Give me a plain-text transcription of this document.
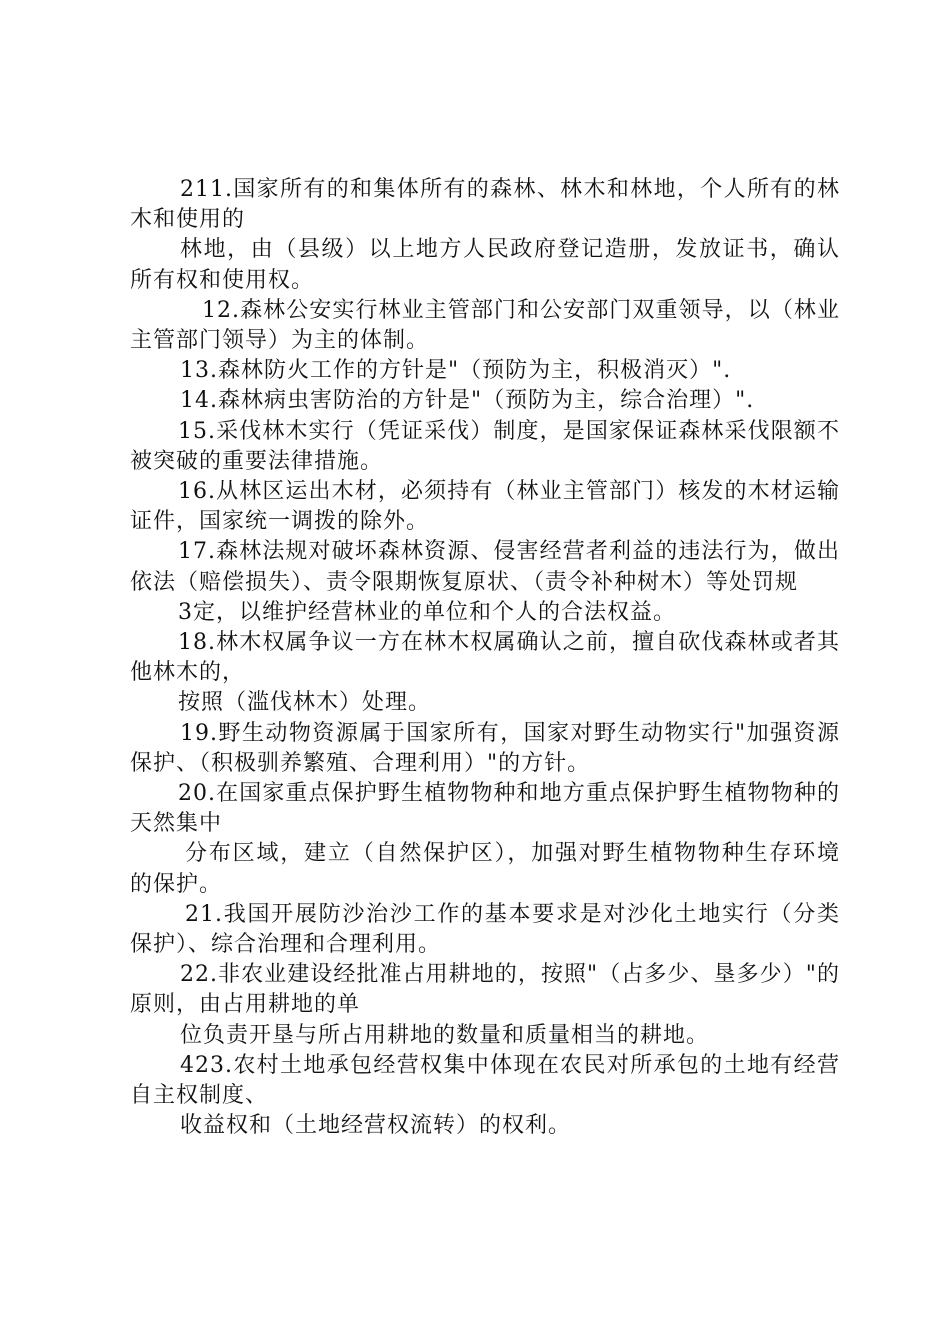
211.国家所有的和集体所有的森林、林木和林地，个人所有的林木和使用的

林地，由（县级）以上地方人民政府登记造册，发放证书，确认所有权和使用权。

12.森林公安实行林业主管部门和公安部门双重领导，以（林业主管部门领导）为主的体制。

13.森林防火工作的方针是"（预防为主，积极消灭）".

14.森林病虫害防治的方针是"（预防为主，综合治理）".

15.采伐林木实行（凭证采伐）制度，是国家保证森林采伐限额不被突破的重要法律措施。

16.从林区运出木材，必须持有（林业主管部门）核发的木材运输证件，国家统一调拨的除外。

17.森林法规对破坏森林资源、侵害经营者利益的违法行为，做出依法（赔偿损失）、责令限期恢复原状、（责令补种树木）等处罚规

3定，以维护经营林业的单位和个人的合法权益。

18.林木权属争议一方在林木权属确认之前，擅自砍伐森林或者其他林木的，

按照（滥伐林木）处理。

19.野生动物资源属于国家所有，国家对野生动物实行"加强资源保护、（积极驯养繁殖、合理利用）"的方针。

20.在国家重点保护野生植物物种和地方重点保护野生植物物种的天然集中

分布区域，建立（自然保护区），加强对野生植物物种生存环境的保护。

21.我国开展防沙治沙工作的基本要求是对沙化土地实行（分类保护）、综合治理和合理利用。

22.非农业建设经批准占用耕地的，按照"（占多少、垦多少）"的原则，由占用耕地的单

位负责开垦与所占用耕地的数量和质量相当的耕地。

423.农村土地承包经营权集中体现在农民对所承包的土地有经营自主权制度、

收益权和（土地经营权流转）的权利。
